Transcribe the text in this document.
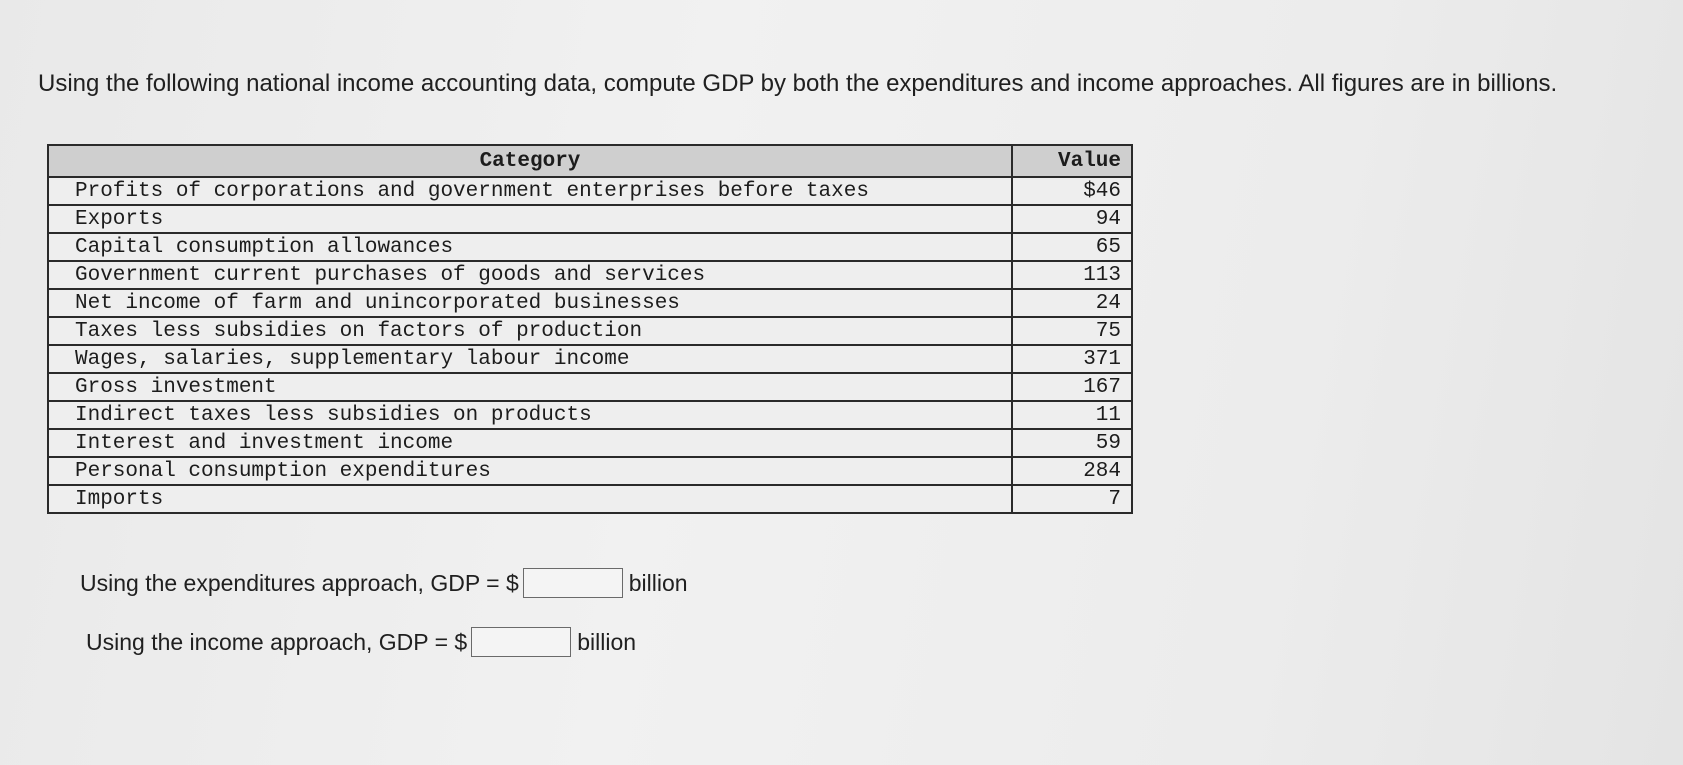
Using the following national income accounting data, compute GDP by both the expenditures and income approaches. All figures are in billions.

Category	Value
Profits of corporations and government enterprises before taxes	$46
Exports	94
Capital consumption allowances	65
Government current purchases of goods and services	113
Net income of farm and unincorporated businesses	24
Taxes less subsidies on factors of production	75
Wages, salaries, supplementary labour income	371
Gross investment	167
Indirect taxes less subsidies on products	11
Interest and investment income	59
Personal consumption expenditures	284
Imports	7
Using the expenditures approach, GDP = $	billion
Using the income approach, GDP = $	billion
